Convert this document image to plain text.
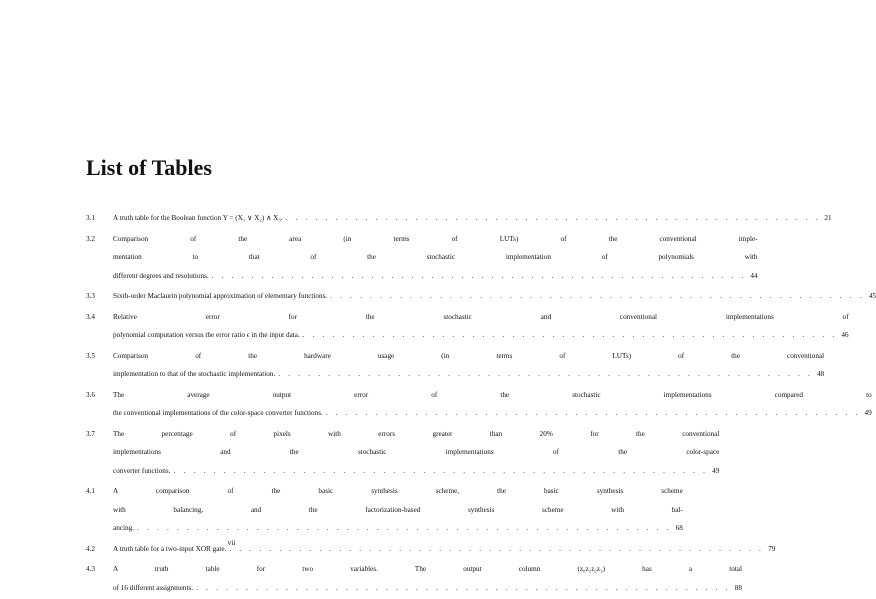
List of Tables
3.1	A truth table for the Boolean function Y = (X₁ ∨ X₂) ∧ X₃. . . . . . . . . . . . . . . . . . . . . . . . . . . . . . . . . . . . . . . . . . . . . . . . . . . . . . . 21
3.2	Comparison of the area (in terms of LUTs) of the conventional imple-
mentation to that of the stochastic implementation of polynomials with
different degrees and resolutions. . . . . . . . . . . . . . . . . . . . . . . . . . . . . . . . . . . . . . . . . . . . . . . . . . . . . . . 44
3.3	Sixth-order Maclaurin polynomial approximation of elementary functions. . . . . . . . . . . . . . . . . . . . . . . . . . . . . . . . . . . . . . . . . . . . . . . . . . . . . . . 45
3.4	Relative error for the stochastic and conventional implementations of
polynomial computation versus the error ratio ϵ in the input data. . . . . . . . . . . . . . . . . . . . . . . . . . . . . . . . . . . . . . . . . . . . . . . . . . . . . . . 46
3.5	Comparison of the hardware usage (in terms of LUTs) of the conventional
implementation to that of the stochastic implementation. . . . . . . . . . . . . . . . . . . . . . . . . . . . . . . . . . . . . . . . . . . . . . . . . . . . . . . 48
3.6	The average output error of the stochastic implementations compared to
the conventional implementations of the color-space converter functions. . . . . . . . . . . . . . . . . . . . . . . . . . . . . . . . . . . . . . . . . . . . . . . . . . . . . . . 49
3.7	The percentage of pixels with errors greater than 20% for the conventional
implementations and the stochastic implementations of the color-space
converter functions. . . . . . . . . . . . . . . . . . . . . . . . . . . . . . . . . . . . . . . . . . . . . . . . . . . . . . . 49
4.1	A comparison of the basic synthesis scheme, the basic synthesis scheme
with balancing, and the factorization-based synthesis scheme with bal-
ancing. . . . . . . . . . . . . . . . . . . . . . . . . . . . . . . . . . . . . . . . . . . . . . . . . . . . . . . 68
4.2	A truth table for a two-input XOR gate. . . . . . . . . . . . . . . . . . . . . . . . . . . . . . . . . . . . . . . . . . . . . . . . . . . . . . . 79
4.3	A truth table for two variables. The output column (z₀z₁z₂z₃) has a total
of 16 different assignments. . . . . . . . . . . . . . . . . . . . . . . . . . . . . . . . . . . . . . . . . . . . . . . . . . . . . . . 88
vii
